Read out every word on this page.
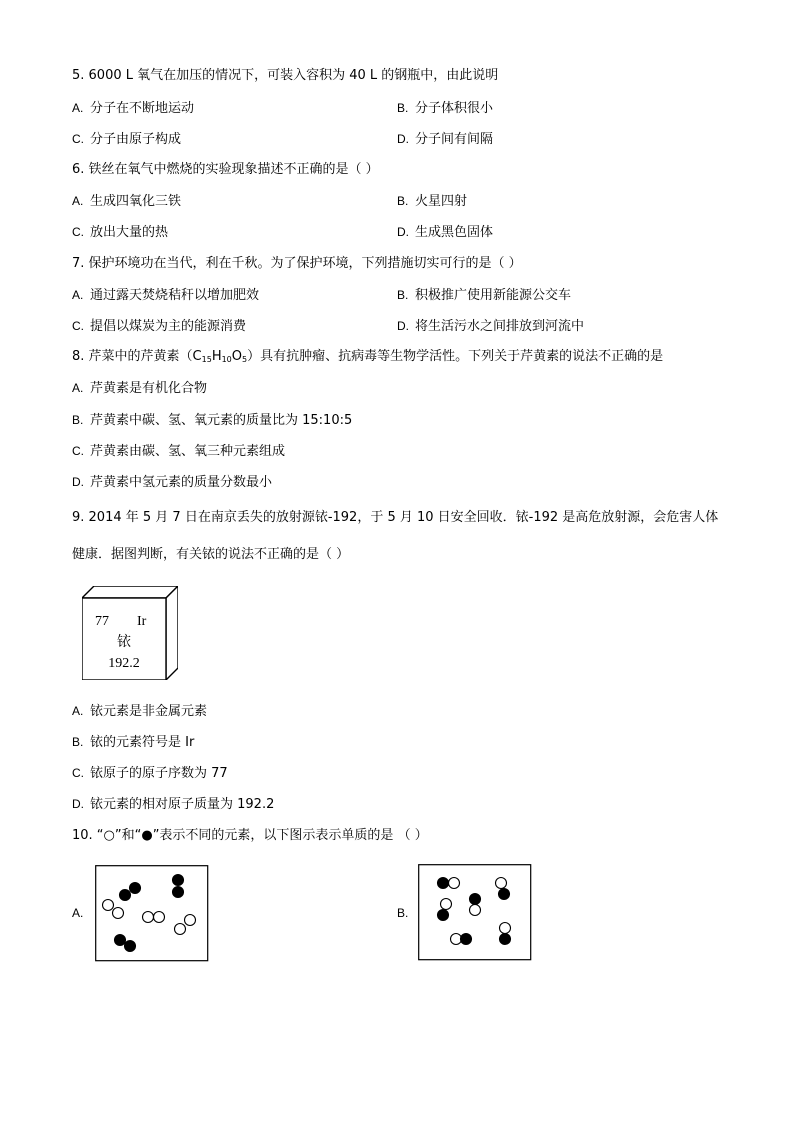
5. 6000 L 氧气在加压的情况下，可装入容积为 40 L 的钢瓶中，由此说明
A. 分子在不断地运动	B. 分子体积很小
C. 分子由原子构成	D. 分子间有间隔
6. 铁丝在氧气中燃烧的实验现象描述不正确的是（ ）
A. 生成四氧化三铁	B. 火星四射
C. 放出大量的热	D. 生成黑色固体
7. 保护环境功在当代，利在千秋。为了保护环境，下列措施切实可行的是（ ）
A. 通过露天焚烧秸秆以增加肥效	B. 积极推广使用新能源公交车
C. 提倡以煤炭为主的能源消费	D. 将生活污水之间排放到河流中
8. 芹菜中的芹黄素$(C_{15}H_{10}O_5)$具有抗肿瘤、抗病毒等生物学活性。下列关于芹黄素的说法不正确的是
A. 芹黄素是有机化合物
B. 芹黄素中碳、氢、氧元素的质量比为 15:10:5
C. 芹黄素由碳、氢、氧三种元素组成
D. 芹黄素中氢元素的质量分数最小
9. 2014 年 5 月 7 日在南京丢失的放射源铱-192，于 5 月 10 日安全回收．铱-192 是高危放射源，会危害人体
健康．据图判断，有关铱的说法不正确的是（ ）
77 Ir
铱
192.2
A. 铱元素是非金属元素
B. 铱的元素符号是 Ir
C. 铱原子的原子序数为 77
D. 铱元素的相对原子质量为 192.2
10. “○”和“●”表示不同的元素，以下图示表示单质的是 （ ）
A.	B.
